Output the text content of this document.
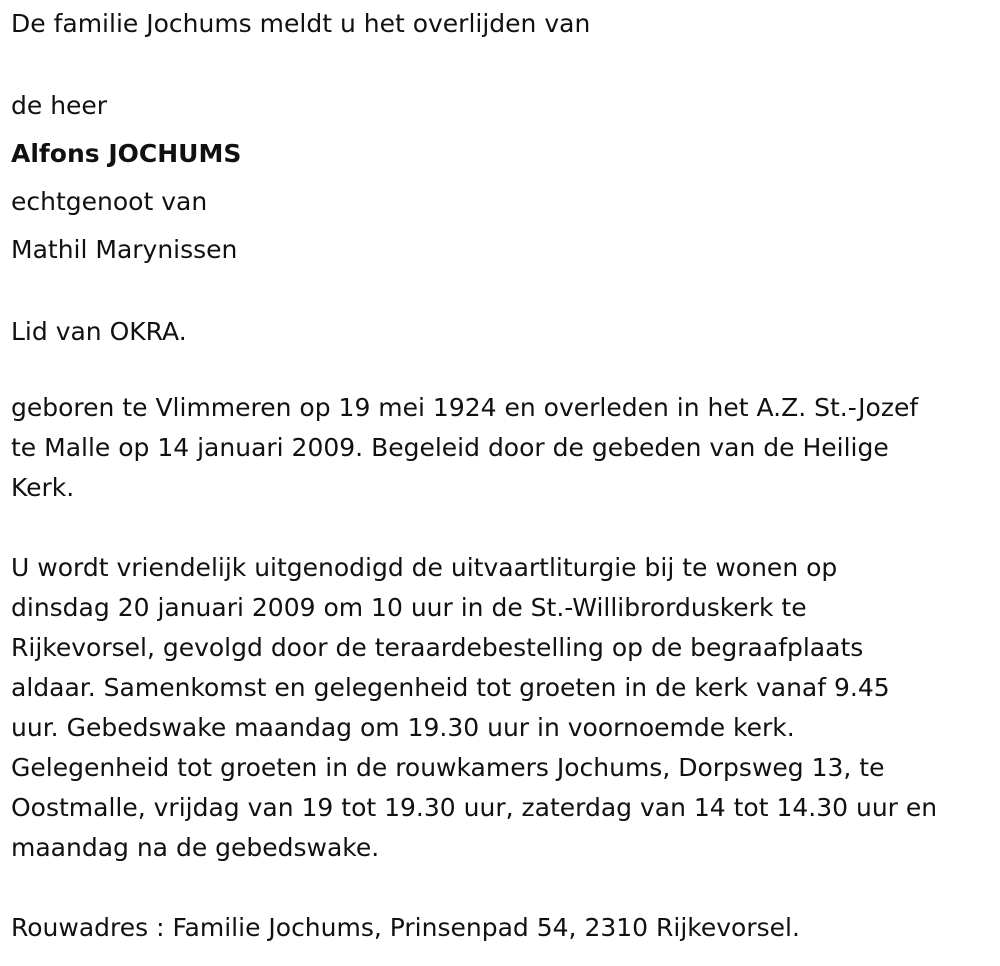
De familie Jochums meldt u het overlijden van
de heer
Alfons JOCHUMS
echtgenoot van
Mathil Marynissen
Lid van OKRA.
geboren te Vlimmeren op 19 mei 1924 en overleden in het A.Z. St.-Jozef
te Malle op 14 januari 2009. Begeleid door de gebeden van de Heilige
Kerk.
U wordt vriendelijk uitgenodigd de uitvaartliturgie bij te wonen op
dinsdag 20 januari 2009 om 10 uur in de St.-Willibrorduskerk te
Rijkevorsel, gevolgd door de teraardebestelling op de begraafplaats
aldaar. Samenkomst en gelegenheid tot groeten in de kerk vanaf 9.45
uur. Gebedswake maandag om 19.30 uur in voornoemde kerk.
Gelegenheid tot groeten in de rouwkamers Jochums, Dorpsweg 13, te
Oostmalle, vrijdag van 19 tot 19.30 uur, zaterdag van 14 tot 14.30 uur en
maandag na de gebedswake.
Rouwadres : Familie Jochums, Prinsenpad 54, 2310 Rijkevorsel.
